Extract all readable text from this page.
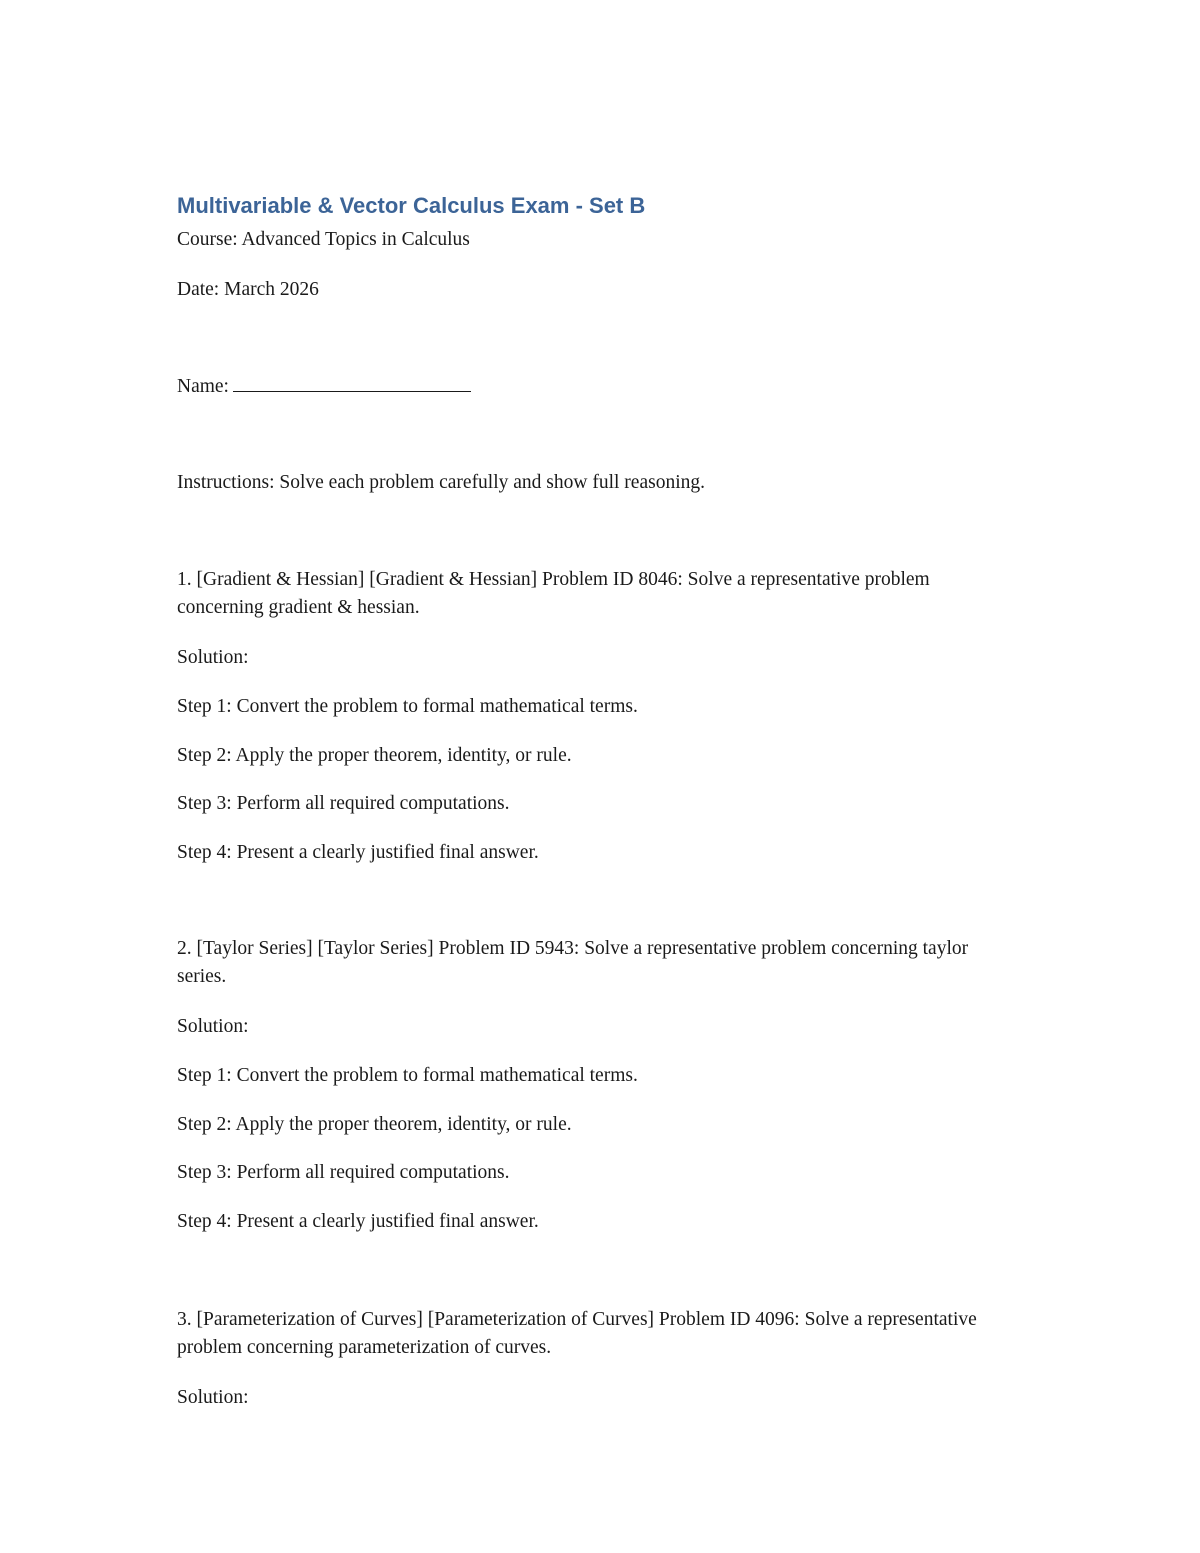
Multivariable & Vector Calculus Exam - Set B
Course: Advanced Topics in Calculus
Date: March 2026
Name:
Instructions: Solve each problem carefully and show full reasoning.
1. [Gradient & Hessian] [Gradient & Hessian] Problem ID 8046: Solve a representative problem concerning gradient & hessian.
Solution:
Step 1: Convert the problem to formal mathematical terms.
Step 2: Apply the proper theorem, identity, or rule.
Step 3: Perform all required computations.
Step 4: Present a clearly justified final answer.
2. [Taylor Series] [Taylor Series] Problem ID 5943: Solve a representative problem concerning taylor series.
Solution:
Step 1: Convert the problem to formal mathematical terms.
Step 2: Apply the proper theorem, identity, or rule.
Step 3: Perform all required computations.
Step 4: Present a clearly justified final answer.
3. [Parameterization of Curves] [Parameterization of Curves] Problem ID 4096: Solve a representative problem concerning parameterization of curves.
Solution:
